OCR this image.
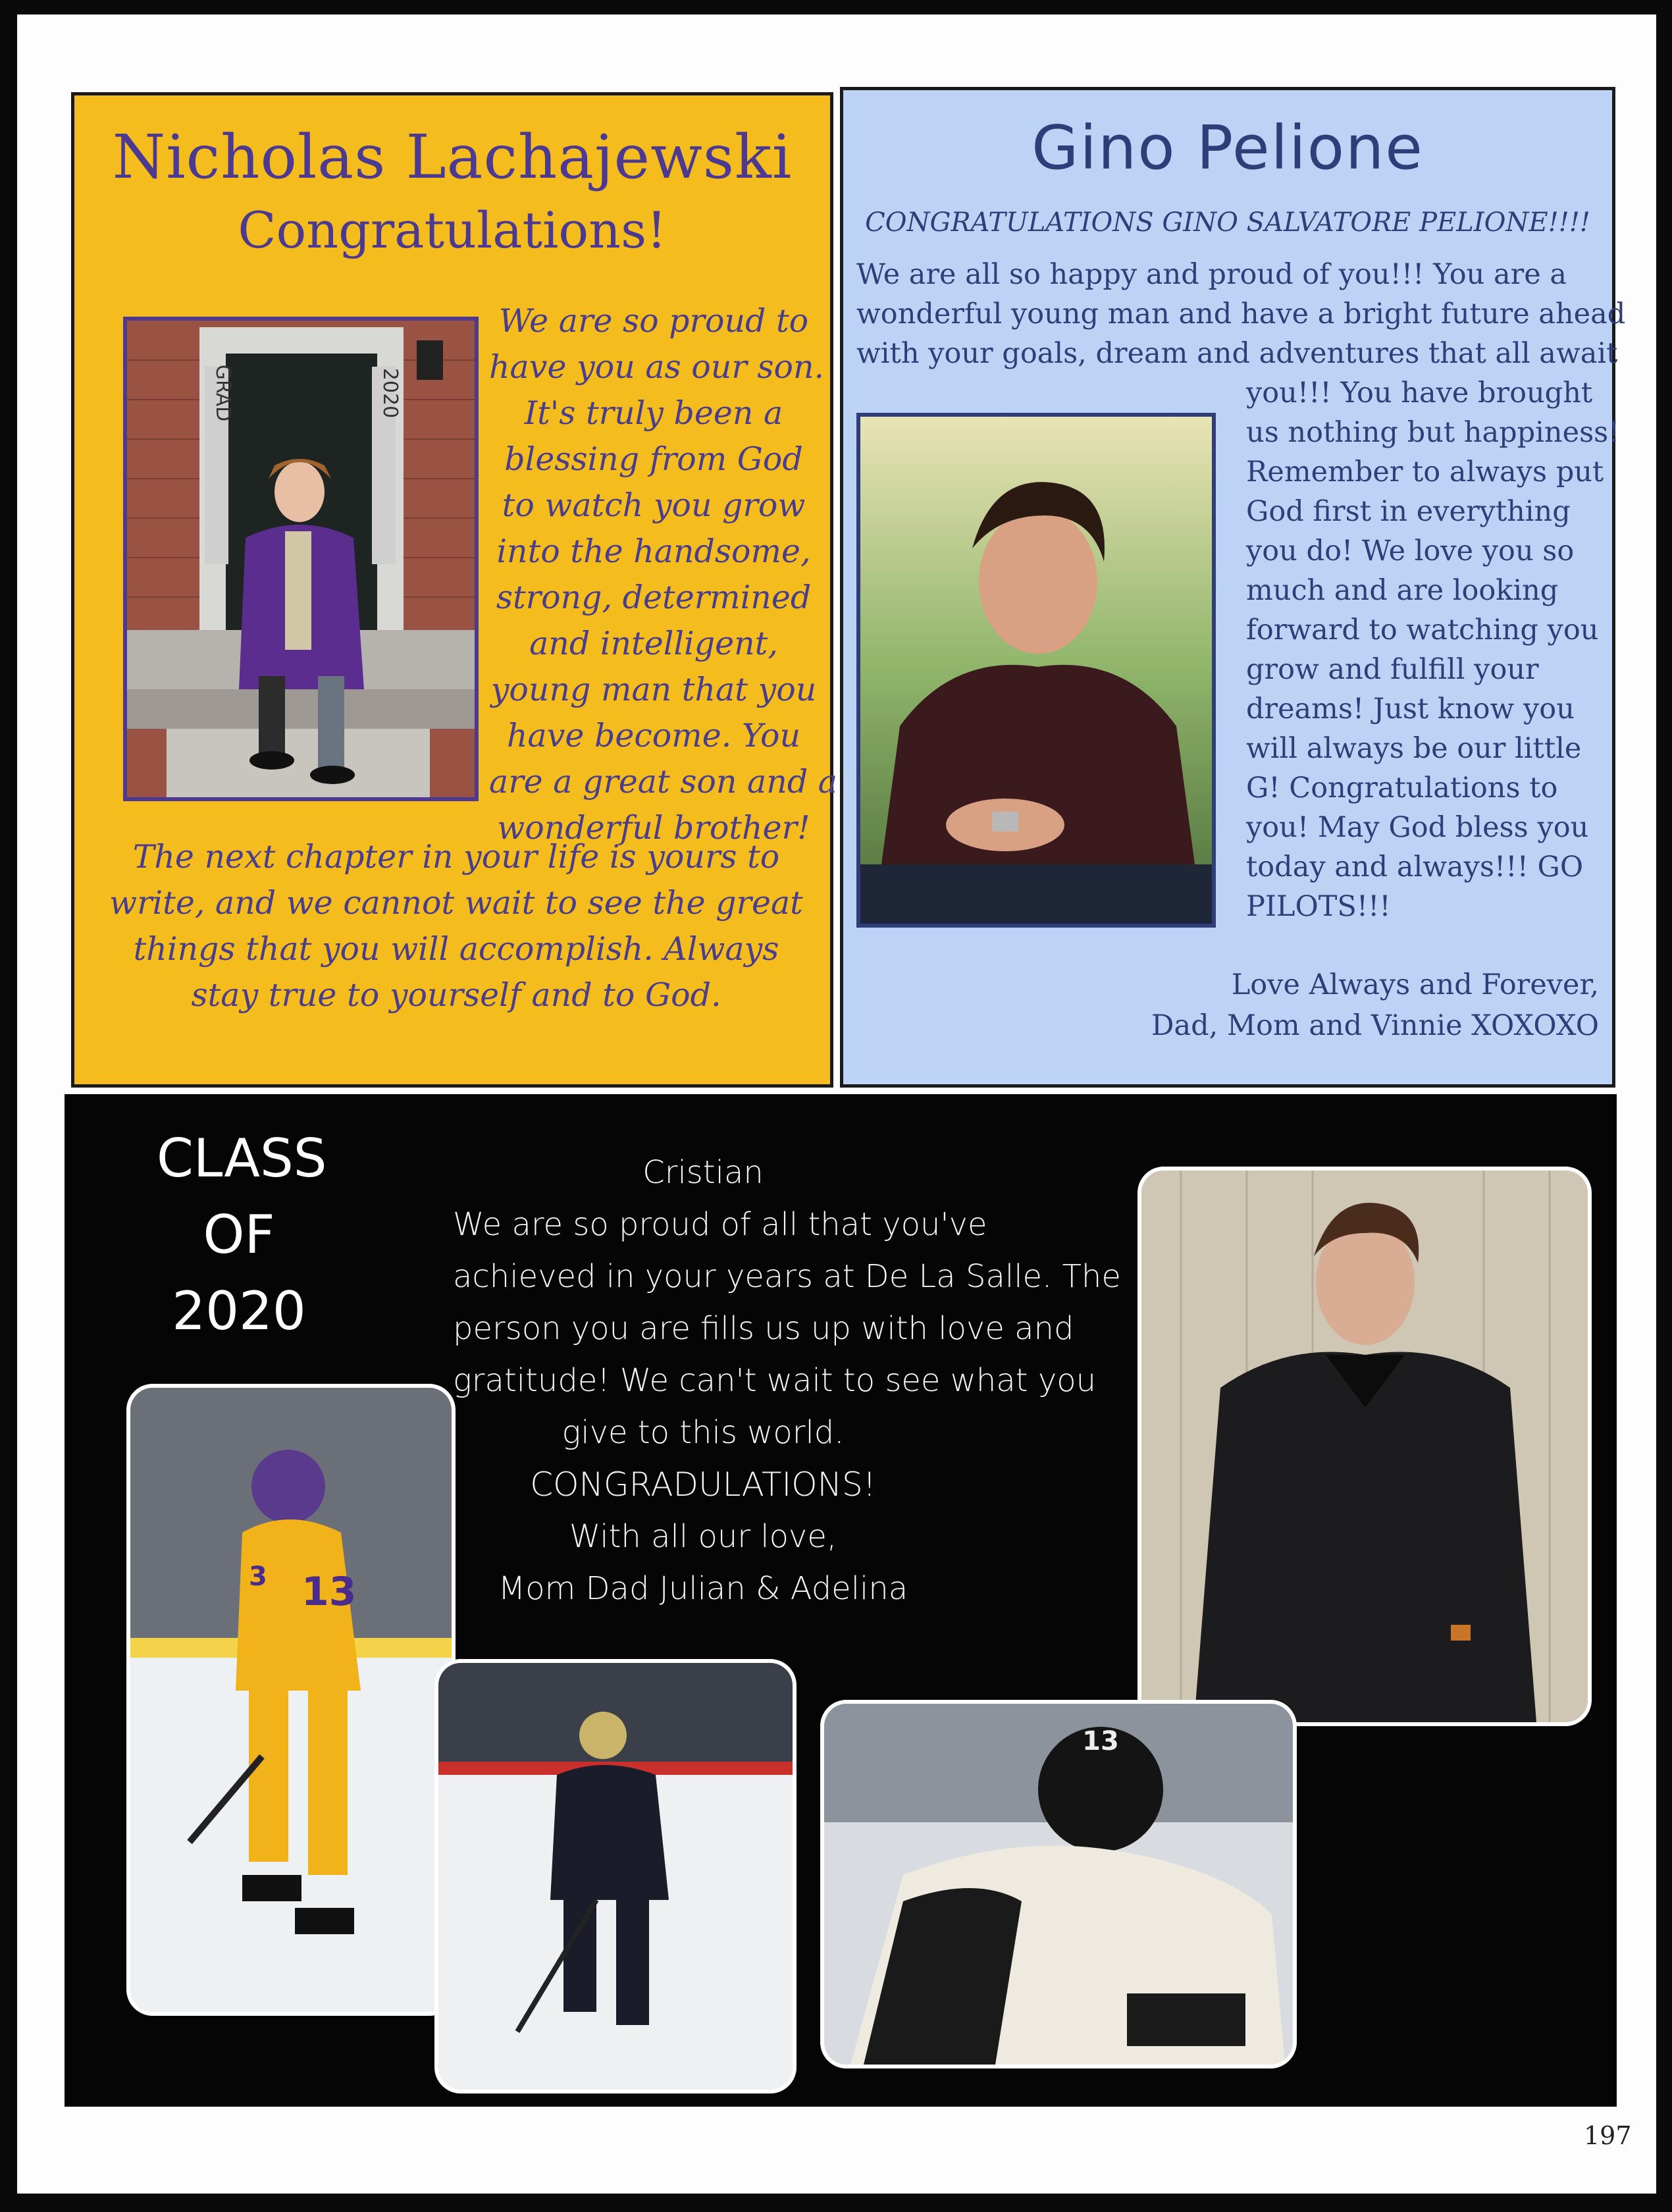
Nicholas Lachajewski
Congratulations!
GRAD	2020
We are so proud to
have you as our son.
It's truly been a
blessing from God
to watch you grow
into the handsome,
strong, determined
and intelligent,
young man that you
have become. You
are a great son and a
wonderful brother!
The next chapter in your life is yours to
write, and we cannot wait to see the great
things that you will accomplish. Always
stay true to yourself and to God.
Gino Pelione
CONGRATULATIONS GINO SALVATORE PELIONE!!!!
We are all so happy and proud of you!!! You are a
wonderful young man and have a bright future ahead
with your goals, dream and adventures that all await
you!!! You have brought
us nothing but happiness!
Remember to always put
God first in everything
you do! We love you so
much and are looking
forward to watching you
grow and fulfill your
dreams! Just know you
will always be our little
G! Congratulations to
you! May God bless you
today and always!!! GO
PILOTS!!!
Love Always and Forever,
Dad, Mom and Vinnie XOXOXO
CLASS
OF
2020
Cristian
We are so proud of all that you've
achieved in your years at De La Salle. The
person you are fills us up with love and
gratitude! We can't wait to see what you
give to this world.
CONGRADULATIONS!
With all our love,
Mom Dad Julian & Adelina
13
3
13
197
